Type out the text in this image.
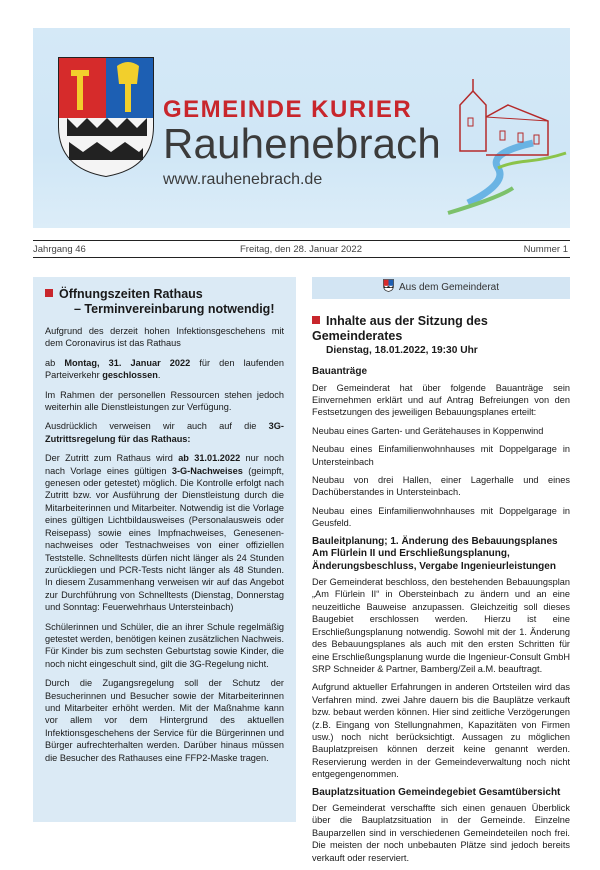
GEMEINDE KURIER
Rauhenebrach
www.rauhenebrach.de
Jahrgang 46	Freitag, den 28. Januar 2022	Nummer 1
Öffnungszeiten Rathaus
– Terminvereinbarung notwendig!

Aufgrund des derzeit hohen Infektionsgeschehens mit dem Coronavirus ist das Rathaus

ab Montag, 31. Januar 2022 für den laufenden Parteiverkehr geschlossen.

Im Rahmen der personellen Ressourcen stehen jedoch weiterhin alle Dienstleistungen zur Verfügung.

Ausdrücklich verweisen wir auch auf die 3G-Zutrittsregelung für das Rathaus:

Der Zutritt zum Rathaus wird ab 31.01.2022 nur noch nach Vorlage eines gültigen 3-G-Nachweises (geimpft, genesen oder getestet) möglich. Die Kontrolle erfolgt nach Zutritt bzw. vor Ausführung der Dienstleistung durch die Mitarbeiterinnen und Mitarbeiter. Notwendig ist die Vorlage eines gültigen Lichtbildausweises (Personalausweis oder Reisepass) sowie eines Impfnachweises, Genesenen- nachweises oder Testnachweises von einer offiziellen Teststelle. Schnelltests dürfen nicht länger als 24 Stunden zurückliegen und PCR-Tests nicht länger als 48 Stunden. In diesem Zusammenhang verweisen wir auf das Angebot zur Durchführung von Schnelltests (Dienstag, Donnerstag und Sonntag: Feuerwehrhaus Untersteinbach)

Schülerinnen und Schüler, die an ihrer Schule regelmäßig getestet werden, benötigen keinen zusätzlichen Nachweis. Für Kinder bis zum sechsten Geburtstag sowie Kinder, die noch nicht eingeschult sind, gilt die 3G-Regelung nicht.

Durch die Zugangsregelung soll der Schutz der Besucherinnen und Besucher sowie der Mitarbeiterinnen und Mitarbeiter erhöht werden. Mit der Maßnahme kann vor allem vor dem Hintergrund des aktuellen Infektionsgeschehens der Service für die Bürgerinnen und Bürger aufrechterhalten werden. Darüber hinaus müssen die Besucher des Rathauses eine FFP2-Maske tragen.

Aus dem Gemeinderat
Inhalte aus der Sitzung des Gemeinderates
Dienstag, 18.01.2022, 19:30 Uhr
Bauanträge

Der Gemeinderat hat über folgende Bauanträge sein Einvernehmen erklärt und auf Antrag Befreiungen von den Festsetzungen des jeweiligen Bebauungsplanes erteilt:

Neubau eines Garten- und Gerätehauses in Koppenwind

Neubau eines Einfamilienwohnhauses mit Doppelgarage in Untersteinbach

Neubau von drei Hallen, einer Lagerhalle und eines Dachüberstandes in Untersteinbach.

Neubau eines Einfamilienwohnhauses mit Doppelgarage in Geusfeld.

Bauleitplanung; 1. Änderung des Bebauungsplanes Am Flürlein II und Erschließungsplanung, Änderungsbeschluss, Vergabe Ingenieurleistungen

Der Gemeinderat beschloss, den bestehenden Bebauungsplan „Am Flürlein II“ in Obersteinbach zu ändern und an eine neuzeitliche Bauweise anzupassen. Gleichzeitig soll dieses Baugebiet erschlossen werden. Hierzu ist eine Erschließungsplanung notwendig. Sowohl mit der 1. Änderung des Bebauungsplanes als auch mit den ersten Schritten für eine Erschließungsplanung wurde die Ingenieur-Consult GmbH SRP Schneider & Partner, Bamberg/Zeil a.M. beauftragt.

Aufgrund aktueller Erfahrungen in anderen Ortsteilen wird das Verfahren mind. zwei Jahre dauern bis die Bauplätze verkauft bzw. bebaut werden können. Hier sind zeitliche Verzögerungen (z.B. Eingang von Stellungnahmen, Kapazitäten von Firmen usw.) noch nicht berücksichtigt. Aussagen zu möglichen Bauplatzpreisen können derzeit keine genannt werden. Reservierung werden in der Gemeindeverwaltung noch nicht entgegengenommen.

Bauplatzsituation Gemeindegebiet Gesamtübersicht

Der Gemeinderat verschaffte sich einen genauen Überblick über die Bauplatzsituation in der Gemeinde. Einzelne Bauparzellen sind in verschiedenen Gemeindeteilen noch frei. Die meisten der noch unbebauten Plätze sind jedoch bereits verkauft oder reserviert.
